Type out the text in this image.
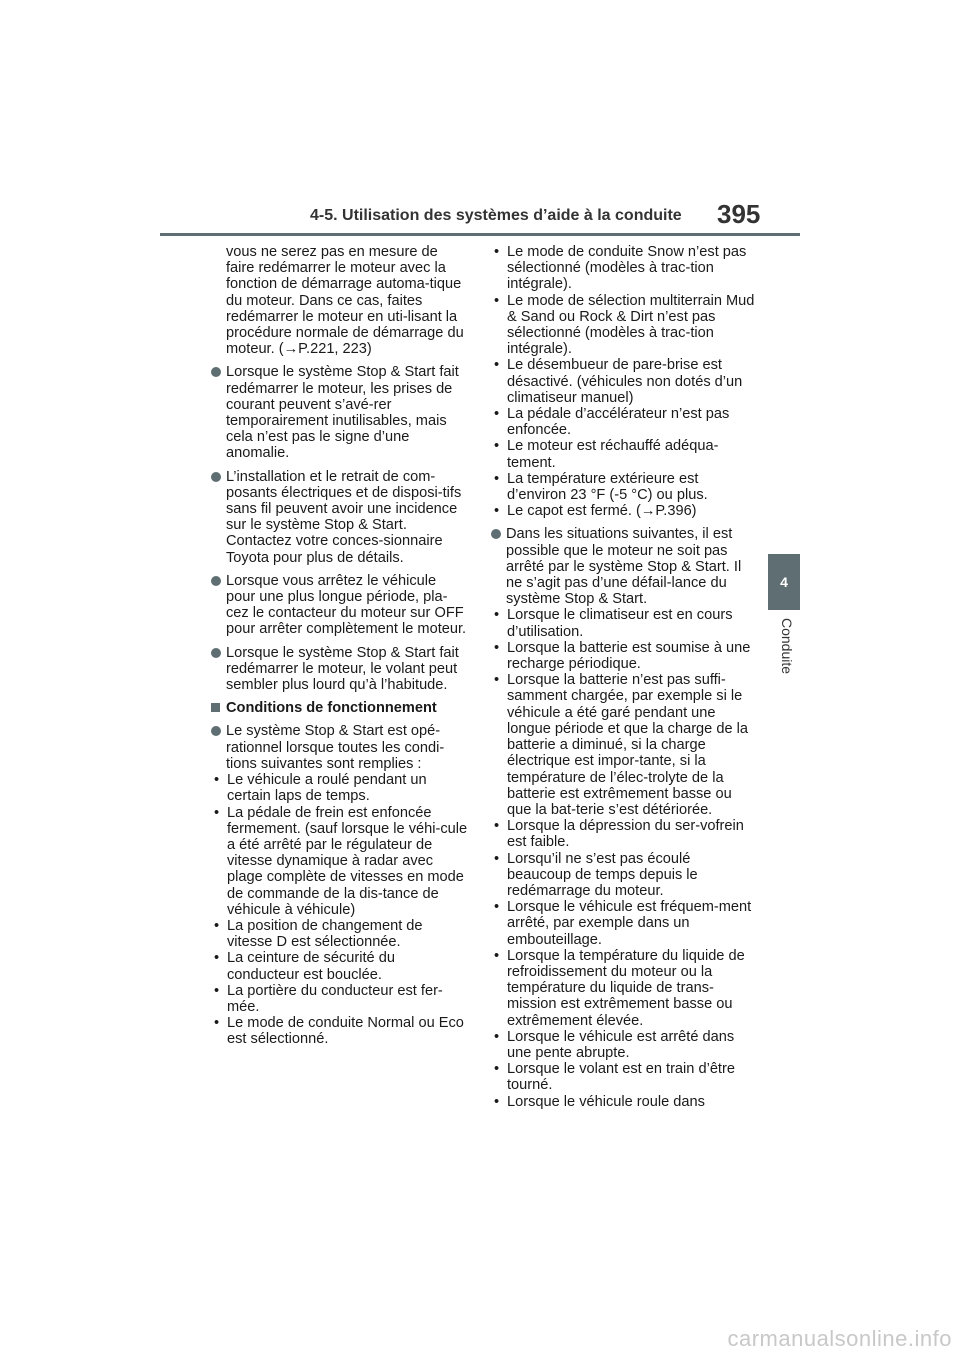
4-5. Utilisation des systèmes d’aide à la conduite 395
4
Conduite

vous ne serez pas en mesure de faire redémarrer le moteur avec la fonction de démarrage automa-tique du moteur. Dans ce cas, faites redémarrer le moteur en uti-lisant la procédure normale de démarrage du moteur. (→P.221, 223)

Lorsque le système Stop & Start fait redémarrer le moteur, les prises de courant peuvent s’avé-rer temporairement inutilisables, mais cela n’est pas le signe d’une anomalie.

L’installation et le retrait de com-posants électriques et de disposi-tifs sans fil peuvent avoir une incidence sur le système Stop & Start. Contactez votre conces-sionnaire Toyota pour plus de détails.

Lorsque vous arrêtez le véhicule pour une plus longue période, pla-cez le contacteur du moteur sur OFF pour arrêter complètement le moteur.

Lorsque le système Stop & Start fait redémarrer le moteur, le volant peut sembler plus lourd qu’à l’habitude.

Conditions de fonctionnement

Le système Stop & Start est opé-rationnel lorsque toutes les condi-tions suivantes sont remplies :

• Le véhicule a roulé pendant un certain laps de temps.
• La pédale de frein est enfoncée fermement. (sauf lorsque le véhi-cule a été arrêté par le régulateur de vitesse dynamique à radar avec plage complète de vitesses en mode de commande de la dis-tance de véhicule à véhicule)
• La position de changement de vitesse D est sélectionnée.
• La ceinture de sécurité du conducteur est bouclée.
• La portière du conducteur est fer-mée.
• Le mode de conduite Normal ou Eco est sélectionné.
• Le mode de conduite Snow n’est pas sélectionné (modèles à trac-tion intégrale).
• Le mode de sélection multiterrain Mud & Sand ou Rock & Dirt n’est pas sélectionné (modèles à trac-tion intégrale).
• Le désembueur de pare-brise est désactivé. (véhicules non dotés d’un climatiseur manuel)
• La pédale d’accélérateur n’est pas enfoncée.
• Le moteur est réchauffé adéqua-tement.
• La température extérieure est d’environ 23 °F (-5 °C) ou plus.
• Le capot est fermé. (→P.396)

Dans les situations suivantes, il est possible que le moteur ne soit pas arrêté par le système Stop & Start. Il ne s’agit pas d’une défail-lance du système Stop & Start.

• Lorsque le climatiseur est en cours d’utilisation.
• Lorsque la batterie est soumise à une recharge périodique.
• Lorsque la batterie n’est pas suffi-samment chargée, par exemple si le véhicule a été garé pendant une longue période et que la charge de la batterie a diminué, si la charge électrique est impor-tante, si la température de l’élec-trolyte de la batterie est extrêmement basse ou que la bat-terie s’est détériorée.
• Lorsque la dépression du ser-vofrein est faible.
• Lorsqu’il ne s’est pas écoulé beaucoup de temps depuis le redémarrage du moteur.
• Lorsque le véhicule est fréquem-ment arrêté, par exemple dans un embouteillage.
• Lorsque la température du liquide de refroidissement du moteur ou la température du liquide de trans-mission est extrêmement basse ou extrêmement élevée.
• Lorsque le véhicule est arrêté dans une pente abrupte.
• Lorsque le volant est en train d’être tourné.
• Lorsque le véhicule roule dans
carmanualsonline.info
